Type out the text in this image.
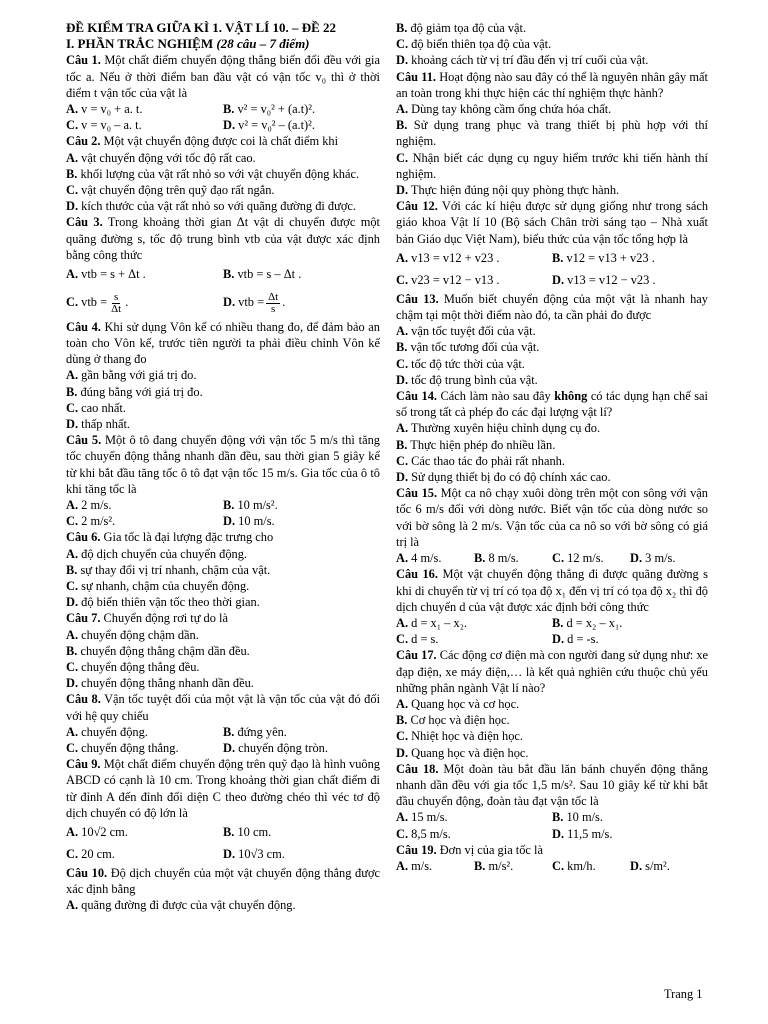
ĐỀ KIỂM TRA GIỮA KÌ 1. VẬT LÍ 10. – ĐỀ 22

I. PHẦN TRẮC NGHIỆM (28 câu – 7 điểm)

Câu 1. Một chất điểm chuyển động thẳng biến đổi đều với gia tốc a. Nếu ở thời điểm ban đầu vật có vận tốc v₀ thì ở thời điểm t vận tốc của vật là

A. v = v₀ + a. t.	B. v² = v₀² + (a.t)².
C. v = v₀ – a. t.	D. v² = v₀² – (a.t)².

Câu 2. Một vật chuyển động được coi là chất điểm khi

A. vật chuyển động với tốc độ rất cao.

B. khối lượng của vật rất nhỏ so với vật chuyển động khác.

C. vật chuyển động trên quỹ đạo rất ngắn.

D. kích thước của vật rất nhỏ so với quãng đường đi được.

Câu 3. Trong khoảng thời gian Δt vật di chuyển được một quãng đường s, tốc độ trung bình vtb của vật được xác định bằng công thức

A. vtb = s + Δt .	B. vtb = s – Δt .
C. vtb = $\frac{s}{\Delta t}$ .	D. vtb = $\frac{\Delta t}{s}$ .

Câu 4. Khi sử dụng Vôn kế có nhiều thang đo, để đảm bảo an toàn cho Vôn kế, trước tiên người ta phải điều chỉnh Vôn kế dùng ở thang đo

A. gần bằng với giá trị đo.

B. đúng bằng với giá trị đo.

C. cao nhất.

D. thấp nhất.

Câu 5. Một ô tô đang chuyển động với vận tốc 5 m/s thì tăng tốc chuyển động thẳng nhanh dần đều, sau thời gian 5 giây kể từ khi bắt đầu tăng tốc ô tô đạt vận tốc 15 m/s. Gia tốc của ô tô khi tăng tốc là

A. 2 m/s.	B. 10 m/s².
C. 2 m/s².	D. 10 m/s.

Câu 6. Gia tốc là đại lượng đặc trưng cho

A. độ dịch chuyển của chuyển động.

B. sự thay đổi vị trí nhanh, chậm của vật.

C. sự nhanh, chậm của chuyển động.

D. độ biến thiên vận tốc theo thời gian.

Câu 7. Chuyển động rơi tự do là

A. chuyển động chậm dần.

B. chuyển động thẳng chậm dần đều.

C. chuyển động thẳng đều.

D. chuyển động thẳng nhanh dần đều.

Câu 8. Vận tốc tuyệt đối của một vật là vận tốc của vật đó đối với hệ quy chiếu

A. chuyển động.	B. đứng yên.
C. chuyển động thẳng.	D. chuyển động tròn.

Câu 9. Một chất điểm chuyển động trên quỹ đạo là hình vuông ABCD có cạnh là 10 cm. Trong khoảng thời gian chất điểm đi từ đỉnh A đến đỉnh đối diện C theo đường chéo thì véc tơ độ dịch chuyển có độ lớn là

A. 10√2 cm.	B. 10 cm.
C. 20 cm.	D. 10√3 cm.

Câu 10. Độ dịch chuyển của một vật chuyển động thẳng được xác định bằng

A. quãng đường đi được của vật chuyển động.

B. độ giảm tọa độ của vật.

C. độ biến thiên tọa độ của vật.

D. khoảng cách từ vị trí đầu đến vị trí cuối của vật.

Câu 11. Hoạt động nào sau đây có thể là nguyên nhân gây mất an toàn trong khi thực hiện các thí nghiệm thực hành?

A. Dùng tay không cầm ống chứa hóa chất.

B. Sử dụng trang phục và trang thiết bị phù hợp với thí nghiệm.

C. Nhận biết các dụng cụ nguy hiểm trước khi tiến hành thí nghiệm.

D. Thực hiện đúng nội quy phòng thực hành.

Câu 12. Với các kí hiệu được sử dụng giống như trong sách giáo khoa Vật lí 10 (Bộ sách Chân trời sáng tạo – Nhà xuất bản Giáo dục Việt Nam), biểu thức của vận tốc tổng hợp là

A. v13 = v12 + v23 .	B. v12 = v13 + v23 .
C. v23 = v12 − v13 .	D. v13 = v12 − v23 .

Câu 13. Muốn biết chuyển động của một vật là nhanh hay chậm tại một thời điểm nào đó, ta cần phải đo được

A. vận tốc tuyệt đối của vật.

B. vận tốc tương đối của vật.

C. tốc độ tức thời của vật.

D. tốc độ trung bình của vật.

Câu 14. Cách làm nào sau đây không có tác dụng hạn chế sai số trong tất cả phép đo các đại lượng vật lí?

A. Thường xuyên hiệu chỉnh dụng cụ đo.

B. Thực hiện phép đo nhiều lần.

C. Các thao tác đo phải rất nhanh.

D. Sử dụng thiết bị đo có độ chính xác cao.

Câu 15. Một ca nô chạy xuôi dòng trên một con sông với vận tốc 6 m/s đối với dòng nước. Biết vận tốc của dòng nước so với bờ sông là 2 m/s. Vận tốc của ca nô so với bờ sông có giá trị là

A. 4 m/s.	B. 8 m/s.	C. 12 m/s.	D. 3 m/s.

Câu 16. Một vật chuyển động thẳng đi được quãng đường s khi di chuyển từ vị trí có tọa độ x₁ đến vị trí có tọa độ x₂ thì độ dịch chuyển d của vật được xác định bởi công thức

A. d = x₁ – x₂.	B. d = x₂ – x₁.
C. d = s.	D. d = -s.

Câu 17. Các động cơ điện mà con người đang sử dụng như: xe đạp điện, xe máy điện,… là kết quả nghiên cứu thuộc chủ yếu những phân ngành Vật lí nào?

A. Quang học và cơ học.

B. Cơ học và điện học.

C. Nhiệt học và điện học.

D. Quang học và điện học.

Câu 18. Một đoàn tàu bắt đầu lăn bánh chuyển động thẳng nhanh dần đều với gia tốc 1,5 m/s². Sau 10 giây kể từ khi bắt đầu chuyển động, đoàn tàu đạt vận tốc là

A. 15 m/s.	B. 10 m/s.
C. 8,5 m/s.	D. 11,5 m/s.

Câu 19. Đơn vị của gia tốc là

A. m/s.	B. m/s².	C. km/h.	D. s/m².
Trang 1
